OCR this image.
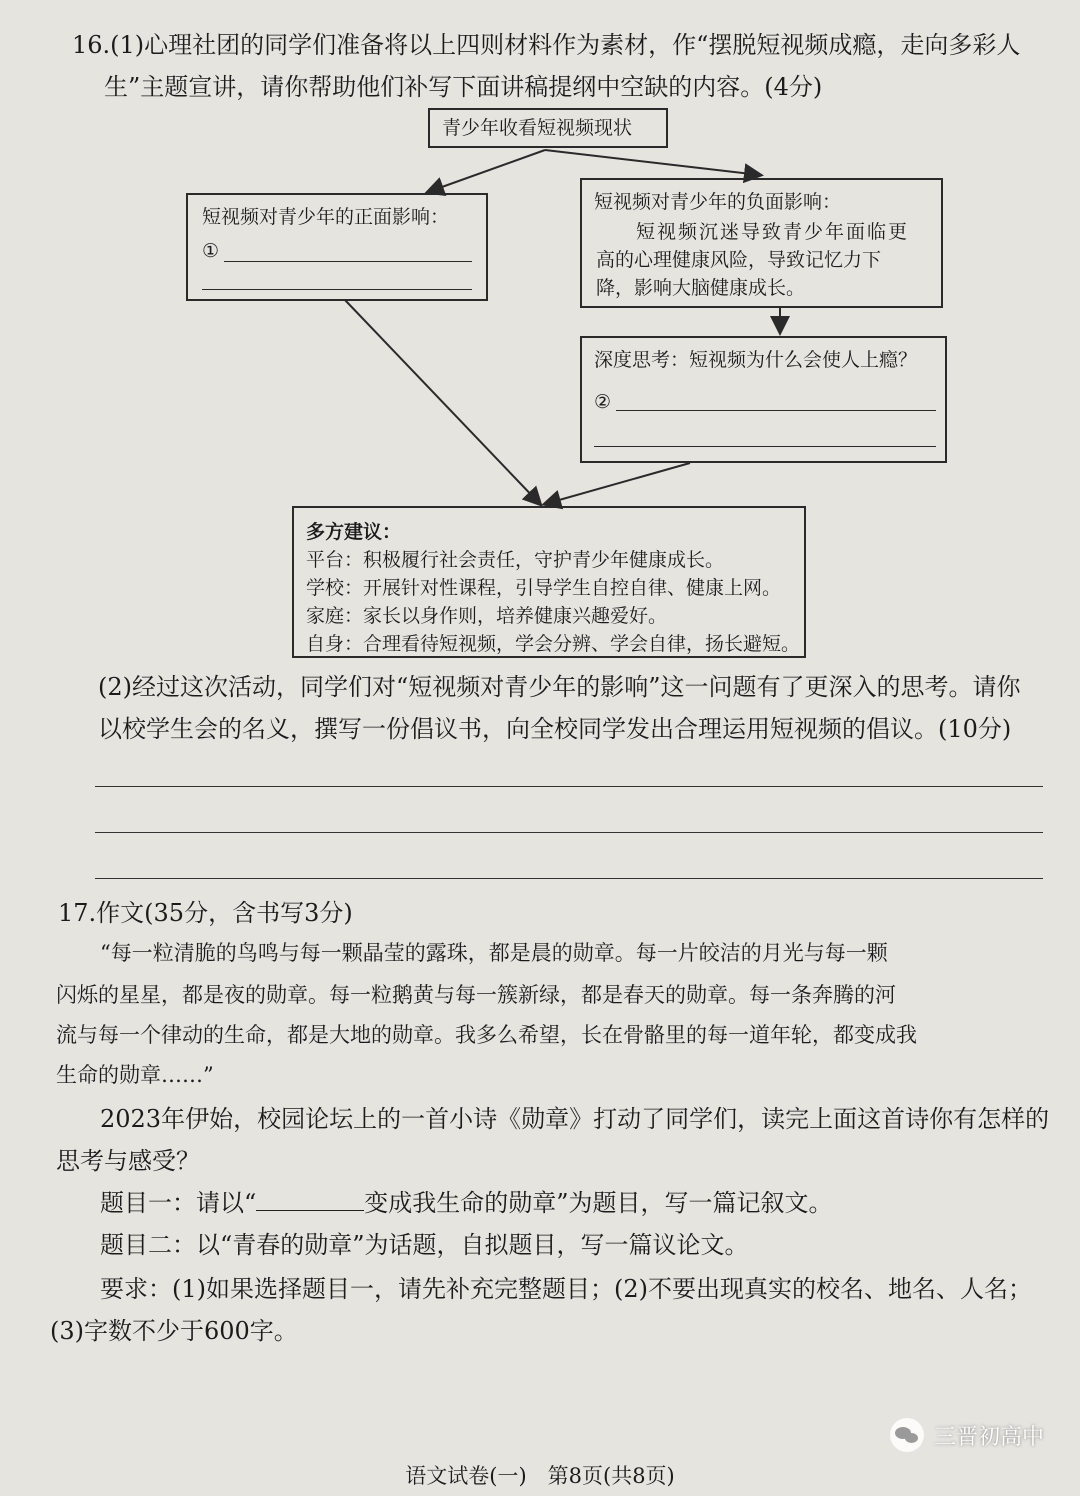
16.(1)心理社团的同学们准备将以上四则材料作为素材，作“摆脱短视频成瘾，走向多彩人
生”主题宣讲，请你帮助他们补写下面讲稿提纲中空缺的内容。(4分)
青少年收看短视频现状
短视频对青少年的正面影响：
①
短视频对青少年的负面影响：
短视频沉迷导致青少年面临更
高的心理健康风险，导致记忆力下
降，影响大脑健康成长。
深度思考：短视频为什么会使人上瘾？
②
多方建议：
平台：积极履行社会责任，守护青少年健康成长。
学校：开展针对性课程，引导学生自控自律、健康上网。
家庭：家长以身作则，培养健康兴趣爱好。
自身：合理看待短视频，学会分辨、学会自律，扬长避短。
(2)经过这次活动，同学们对“短视频对青少年的影响”这一问题有了更深入的思考。请你
以校学生会的名义，撰写一份倡议书，向全校同学发出合理运用短视频的倡议。(10分)
17.作文(35分，含书写3分)
“每一粒清脆的鸟鸣与每一颗晶莹的露珠，都是晨的勋章。每一片皎洁的月光与每一颗
闪烁的星星，都是夜的勋章。每一粒鹅黄与每一簇新绿，都是春天的勋章。每一条奔腾的河
流与每一个律动的生命，都是大地的勋章。我多么希望，长在骨骼里的每一道年轮，都变成我
生命的勋章……”
2023年伊始，校园论坛上的一首小诗《勋章》打动了同学们，读完上面这首诗你有怎样的
思考与感受？
题目一：请以“	变成我生命的勋章”为题目，写一篇记叙文。
题目二：以“青春的勋章”为话题，自拟题目，写一篇议论文。
要求：(1)如果选择题目一，请先补充完整题目；(2)不要出现真实的校名、地名、人名；
(3)字数不少于600字。
三晋初高中
语文试卷(一)　第8页(共8页)
